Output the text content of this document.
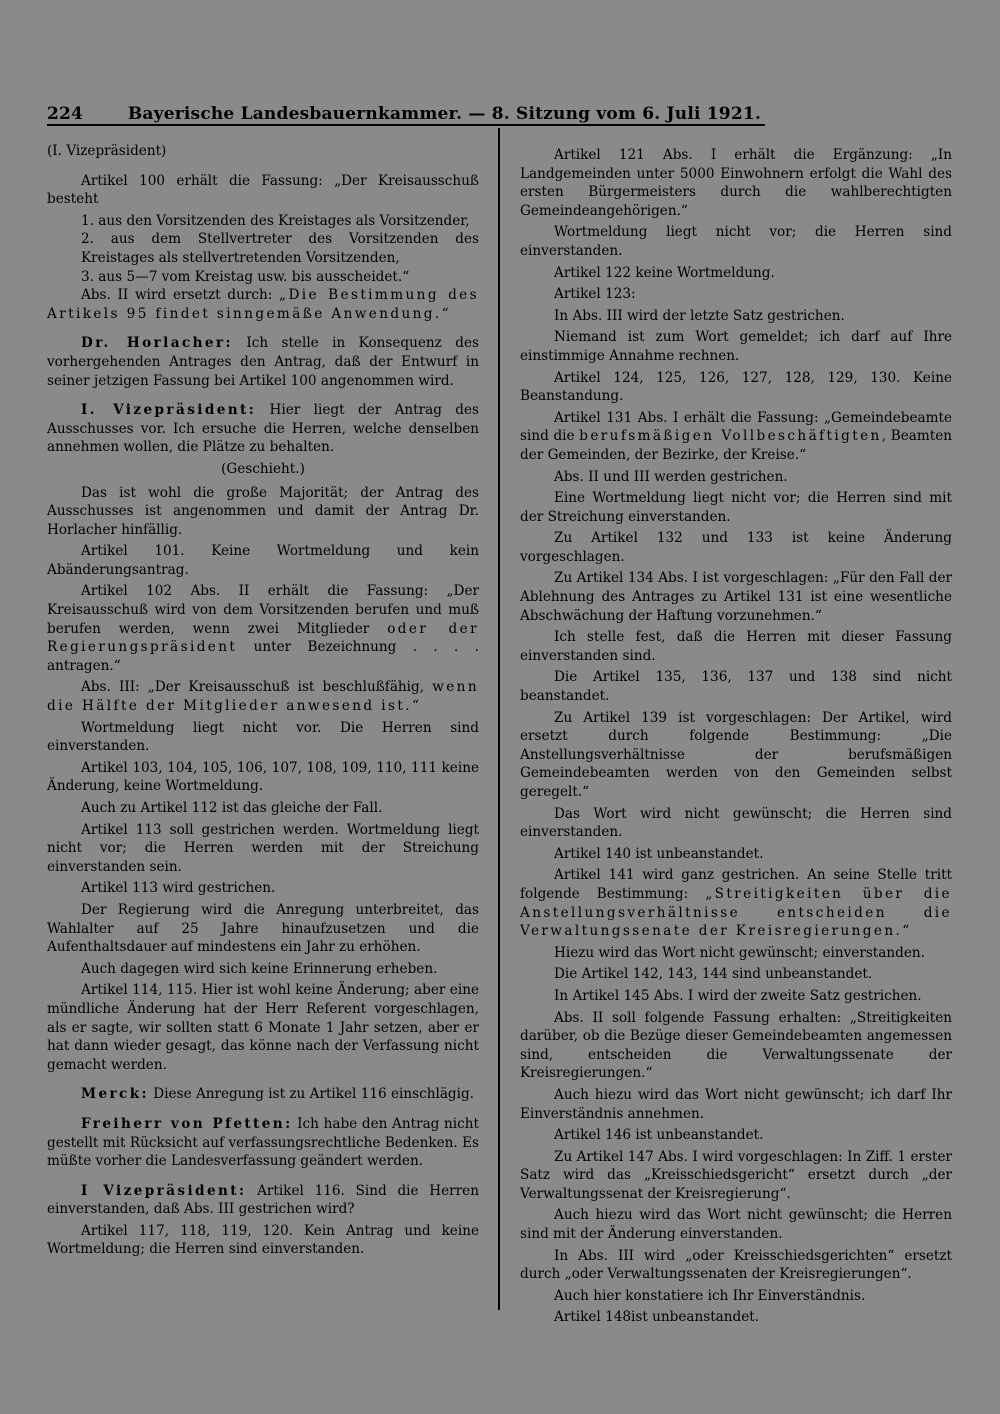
224	Bayerische Landesbauernkammer. — 8. Sitzung vom 6. Juli 1921.

(I. Vizepräsident)

Artikel 100 erhält die Fassung: „Der Kreisausschuß besteht

1. aus den Vorsitzenden des Kreistages als Vorsitzender,

2. aus dem Stellvertreter des Vorsitzenden des Kreistages als stellvertretenden Vorsitzenden,

3. aus 5—7 vom Kreistag usw. bis ausscheidet.“

Abs. II wird ersetzt durch: „Die Bestimmung des Artikels 95 findet sinngemäße Anwendung.“

Dr. Horlacher: Ich stelle in Konsequenz des vorhergehenden Antrages den Antrag, daß der Entwurf in seiner jetzigen Fassung bei Artikel 100 angenommen wird.

I. Vizepräsident: Hier liegt der Antrag des Ausschusses vor. Ich ersuche die Herren, welche denselben annehmen wollen, die Plätze zu behalten.

(Geschieht.)

Das ist wohl die große Majorität; der Antrag des Ausschusses ist angenommen und damit der Antrag Dr. Horlacher hinfällig.

Artikel 101. Keine Wortmeldung und kein Abänderungsantrag.

Artikel 102 Abs. II erhält die Fassung: „Der Kreisausschuß wird von dem Vorsitzenden berufen und muß berufen werden, wenn zwei Mitglieder oder der Regierungspräsident unter Bezeichnung . . . . antragen.“

Abs. III: „Der Kreisausschuß ist beschlußfähig, wenn die Hälfte der Mitglieder anwesend ist.“

Wortmeldung liegt nicht vor. Die Herren sind einverstanden.

Artikel 103, 104, 105, 106, 107, 108, 109, 110, 111 keine Änderung, keine Wortmeldung.

Auch zu Artikel 112 ist das gleiche der Fall.

Artikel 113 soll gestrichen werden. Wortmeldung liegt nicht vor; die Herren werden mit der Streichung einverstanden sein.

Artikel 113 wird gestrichen.

Der Regierung wird die Anregung unterbreitet, das Wahlalter auf 25 Jahre hinaufzusetzen und die Aufenthaltsdauer auf mindestens ein Jahr zu erhöhen.

Auch dagegen wird sich keine Erinnerung erheben.

Artikel 114, 115. Hier ist wohl keine Änderung; aber eine mündliche Änderung hat der Herr Referent vorgeschlagen, als er sagte, wir sollten statt 6 Monate 1 Jahr setzen, aber er hat dann wieder gesagt, das könne nach der Verfassung nicht gemacht werden.

Merck: Diese Anregung ist zu Artikel 116 einschlägig.

Freiherr von Pfetten: Ich habe den Antrag nicht gestellt mit Rücksicht auf verfassungsrechtliche Bedenken. Es müßte vorher die Landesverfassung geändert werden.

I Vizepräsident: Artikel 116. Sind die Herren einverstanden, daß Abs. III gestrichen wird?

Artikel 117, 118, 119, 120. Kein Antrag und keine Wortmeldung; die Herren sind einverstanden.

Artikel 121 Abs. I erhält die Ergänzung: „In Landgemeinden unter 5000 Einwohnern erfolgt die Wahl des ersten Bürgermeisters durch die wahlberechtigten Gemeindeangehörigen.“

Wortmeldung liegt nicht vor; die Herren sind einverstanden.

Artikel 122 keine Wortmeldung.

Artikel 123:

In Abs. III wird der letzte Satz gestrichen.

Niemand ist zum Wort gemeldet; ich darf auf Ihre einstimmige Annahme rechnen.

Artikel 124, 125, 126, 127, 128, 129, 130. Keine Beanstandung.

Artikel 131 Abs. I erhält die Fassung: „Gemeindebeamte sind die berufsmäßigen Vollbeschäftigten, Beamten der Gemeinden, der Bezirke, der Kreise.“

Abs. II und III werden gestrichen.

Eine Wortmeldung liegt nicht vor; die Herren sind mit der Streichung einverstanden.

Zu Artikel 132 und 133 ist keine Änderung vorgeschlagen.

Zu Artikel 134 Abs. I ist vorgeschlagen: „Für den Fall der Ablehnung des Antrages zu Artikel 131 ist eine wesentliche Abschwächung der Haftung vorzunehmen.“

Ich stelle fest, daß die Herren mit dieser Fassung einverstanden sind.

Die Artikel 135, 136, 137 und 138 sind nicht beanstandet.

Zu Artikel 139 ist vorgeschlagen: Der Artikel, wird ersetzt durch folgende Bestimmung: „Die Anstellungsverhältnisse der berufsmäßigen Gemeindebeamten werden von den Gemeinden selbst geregelt.“

Das Wort wird nicht gewünscht; die Herren sind einverstanden.

Artikel 140 ist unbeanstandet.

Artikel 141 wird ganz gestrichen. An seine Stelle tritt folgende Bestimmung: „Streitigkeiten über die Anstellungsverhältnisse entscheiden die Verwaltungssenate der Kreisregierungen.“

Hiezu wird das Wort nicht gewünscht; einverstanden.

Die Artikel 142, 143, 144 sind unbeanstandet.

In Artikel 145 Abs. I wird der zweite Satz gestrichen.

Abs. II soll folgende Fassung erhalten: „Streitigkeiten darüber, ob die Bezüge dieser Gemeindebeamten angemessen sind, entscheiden die Verwaltungssenate der Kreisregierungen.“

Auch hiezu wird das Wort nicht gewünscht; ich darf Ihr Einverständnis annehmen.

Artikel 146 ist unbeanstandet.

Zu Artikel 147 Abs. I wird vorgeschlagen: In Ziff. 1 erster Satz wird das „Kreisschiedsgericht“ ersetzt durch „der Verwaltungssenat der Kreisregierung“.

Auch hiezu wird das Wort nicht gewünscht; die Herren sind mit der Änderung einverstanden.

In Abs. III wird „oder Kreisschiedsgerichten“ ersetzt durch „oder Verwaltungssenaten der Kreisregierungen“.

Auch hier konstatiere ich Ihr Einverständnis.

Artikel 148ist unbeanstandet.
